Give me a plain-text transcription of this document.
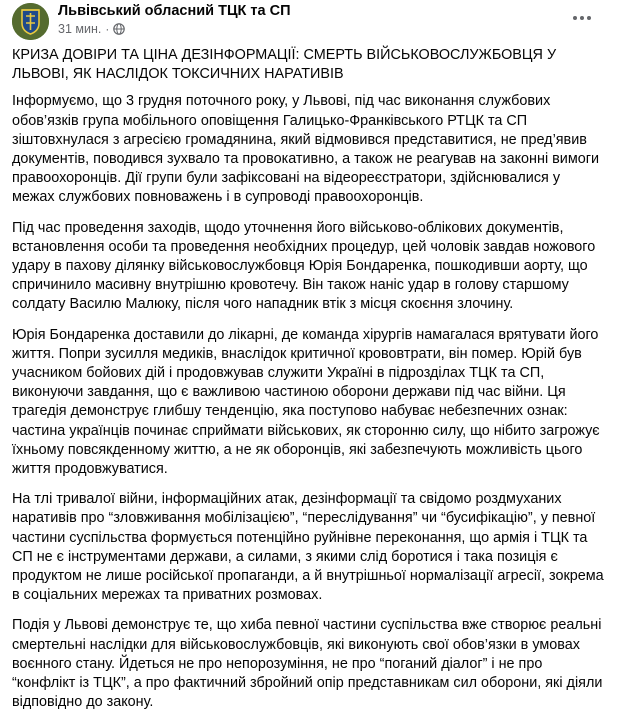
Львівський обласний ТЦК та СП
31 мин. ·
КРИЗА ДОВІРИ ТА ЦІНА ДЕЗІНФОРМАЦІЇ: СМЕРТЬ ВІЙСЬКОВОСЛУЖБОВЦЯ У ЛЬВОВІ, ЯК НАСЛІДОК ТОКСИЧНИХ НАРАТИВІВ

Інформуємо, що 3 грудня поточного року, у Львові, під час виконання службових обов’язків група мобільного оповіщення Галицько-Франківського РТЦК та СП зіштовхнулася з агресією громадянина, який відмовився представитися, не пред’явив документів, поводився зухвало та провокативно, а також не реагував на законні вимоги правоохоронців. Дії групи були зафіксовані на відеореєстратори, здійснювалися у межах службових повноважень і в супроводі правоохоронців.

Під час проведення заходів, щодо уточнення його військово-облікових документів, встановлення особи та проведення необхідних процедур, цей чоловік завдав ножового удару в пахову ділянку військовослужбовця Юрія Бондаренка, пошкодивши аорту, що спричинило масивну внутрішню кровотечу. Він також наніс удар в голову старшому солдату Василю Малюку, після чого нападник втік з місця скоєння злочину.

Юрія Бондаренка доставили до лікарні, де команда хірургів намагалася врятувати його життя. Попри зусилля медиків, внаслідок критичної крововтрати, він помер. Юрій був учасником бойових дій і продовжував служити Україні в підрозділах ТЦК та СП, виконуючи завдання, що є важливою частиною оборони держави під час війни. Ця трагедія демонструє глибшу тенденцію, яка поступово набуває небезпечних ознак: частина українців починає сприймати військових, як сторонню силу, що нібито загрожує їхньому повсякденному життю, а не як оборонців, які забезпечують можливість цього життя продовжуватися.

На тлі тривалої війни, інформаційних атак, дезінформації та свідомо роздмуханих наративів про “зловживання мобілізацією”, “переслідування” чи “бусифікацію”, у певної частини суспільства формується потенційно руйнівне переконання, що армія і ТЦК та СП не є інструментами держави, а силами, з якими слід боротися і така позиція є продуктом не лише російської пропаганди, а й внутрішньої нормалізації агресії, зокрема в соціальних мережах та приватних розмовах.

Подія у Львові демонструє те, що хиба певної частини суспільства вже створює реальні смертельні наслідки для військовослужбовців, які виконують свої обов’язки в умовах воєнного стану. Йдеться не про непорозуміння, не про “поганий діалог” і не про “конфлікт із ТЦК”, а про фактичний збройний опір представникам сил оборони, які діяли відповідно до закону.
